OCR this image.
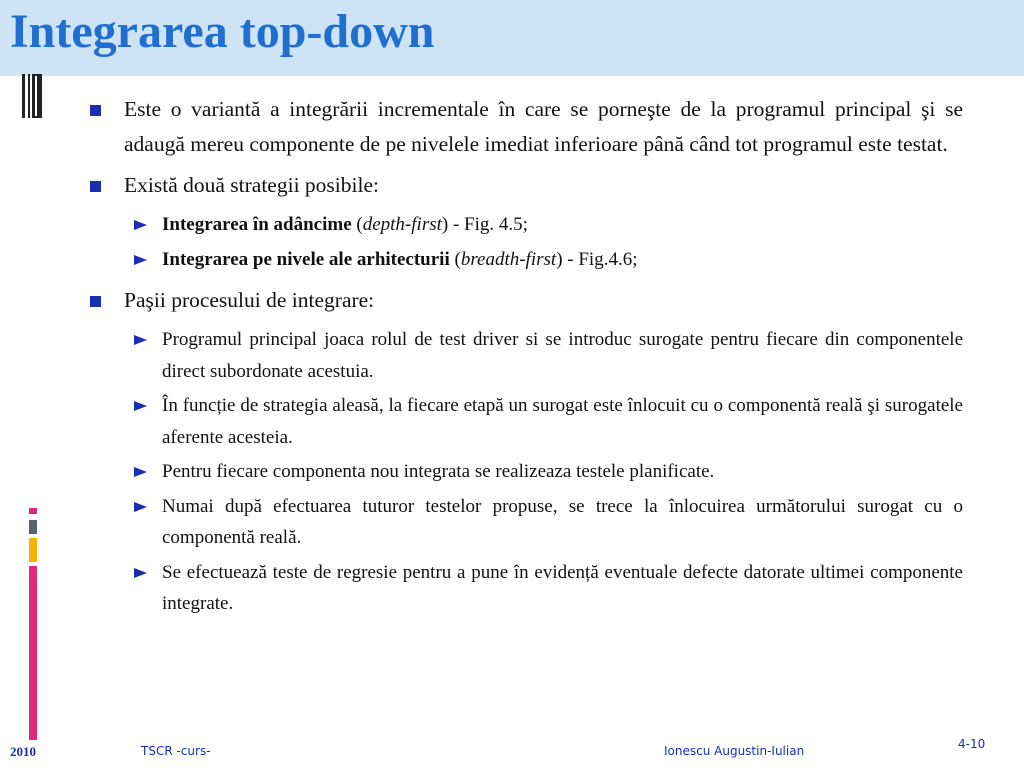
Integrarea top-down
Este o variantă a integrării incrementale în care se porneşte de la programul principal şi se adaugă mereu componente de pe nivelele imediat inferioare până când tot programul este testat.
Există două strategii posibile:
Integrarea în adâncime (depth-first) - Fig. 4.5;
Integrarea pe nivele ale arhitecturii (breadth-first) - Fig.4.6;
Paşii procesului de integrare:
Programul principal joaca rolul de test driver si se introduc surogate pentru fiecare din componentele direct subordonate acestuia.
În funcție de strategia aleasă, la fiecare etapă un surogat este înlocuit cu o componentă reală şi surogatele aferente acesteia.
Pentru fiecare componenta nou integrata se realizeaza testele planificate.
Numai după efectuarea tuturor testelor propuse, se trece la înlocuirea următorului surogat cu o componentă reală.
Se efectuează teste de regresie pentru a pune în evidență eventuale defecte datorate ultimei componente integrate.
2010	TSCR -curs-	Ionescu Augustin-Iulian	4-10
